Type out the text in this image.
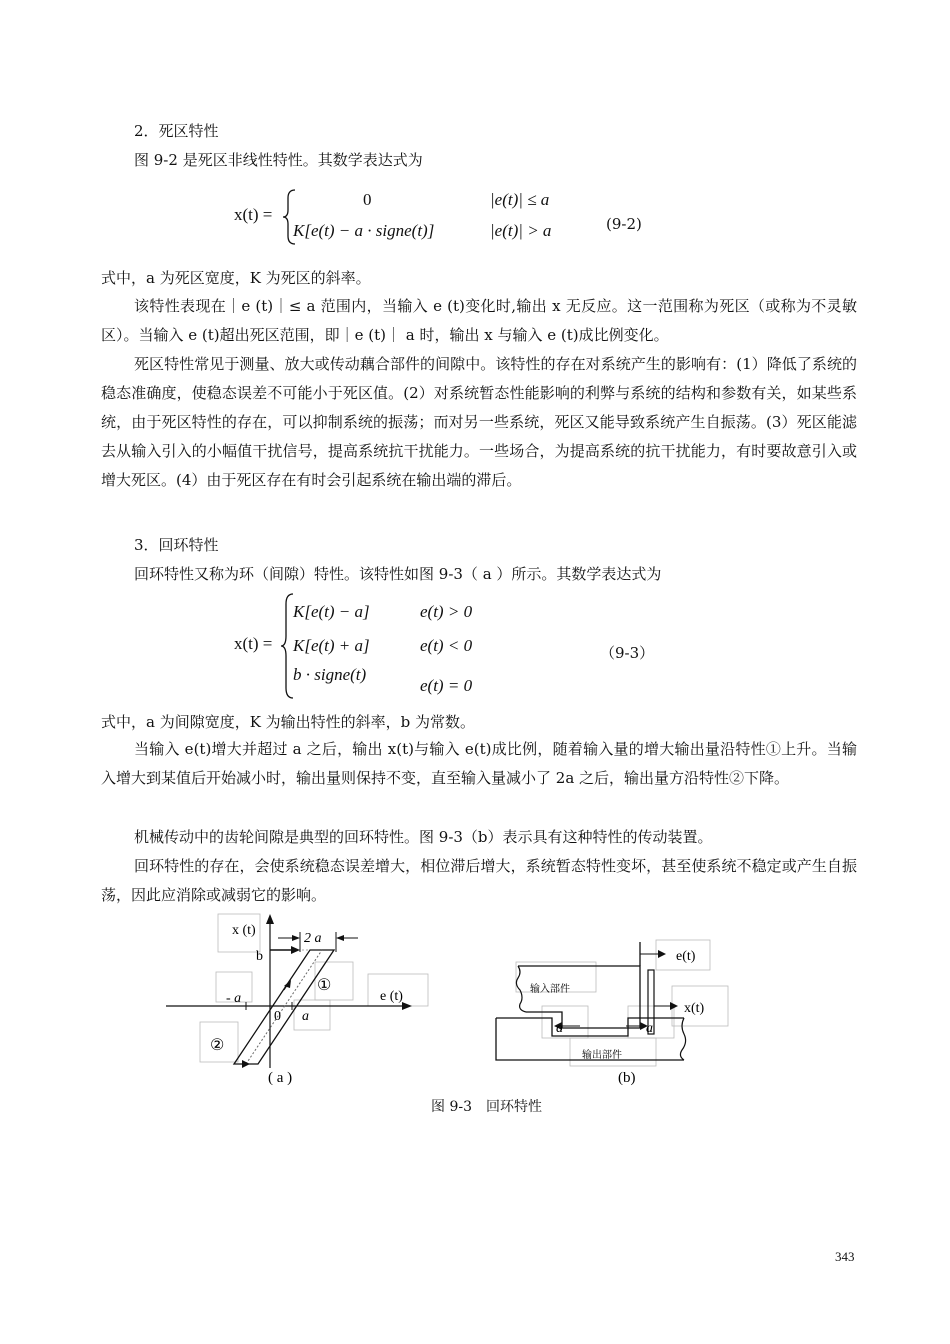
2．死区特性
图 9-2 是死区非线性特性。其数学表达式为
x(t) =
0
K[e(t) − a · signe(t)]
|e(t)| ≤ a
|e(t)| > a	(9-2)
式中，a 为死区宽度，K 为死区的斜率。
该特性表现在｜e (t)｜≤ a 范围内，当输入 e (t)变化时,输出 x 无反应。这一范围称为死区（或称为不灵敏区）。当输入 e (t)超出死区范围，即｜e (t)｜ a 时，输出 x 与输入 e (t)成比例变化。
死区特性常见于测量、放大或传动藕合部件的间隙中。该特性的存在对系统产生的影响有：(1）降低了系统的稳态准确度，使稳态误差不可能小于死区值。(2）对系统暂态性能影响的利弊与系统的结构和参数有关，如某些系统，由于死区特性的存在，可以抑制系统的振荡；而对另一些系统，死区又能导致系统产生自振荡。(3）死区能滤去从输入引入的小幅值干扰信号，提高系统抗干扰能力。一些场合，为提高系统的抗干扰能力，有时要故意引入或增大死区。(4）由于死区存在有时会引起系统在输出端的滞后。
3．回环特性
回环特性又称为环（间隙）特性。该特性如图 9-3（ a ）所示。其数学表达式为
x(t) =
K[e(t) − a]
K[e(t) + a]
b · signe(t)
e(t) > 0
e(t) < 0
e(t) = 0
（9-3）
式中，a 为间隙宽度，K 为输出特性的斜率，b 为常数。
当输入 e(t)增大并超过 a 之后，输出 x(t)与输入 e(t)成比例，随着输入量的增大输出量沿特性①上升。当输入增大到某值后开始减小时，输出量则保持不变，直至输入量减小了 2a 之后，输出量方沿特性②下降。
机械传动中的齿轮间隙是典型的回环特性。图 9-3（b）表示具有这种特性的传动装置。
回环特性的存在，会使系统稳态误差增大，相位滞后增大，系统暂态特性变坏，甚至使系统不稳定或产生自振荡，因此应消除或减弱它的影响。
x (t)
2 a
b
①
②
- a
0 a
e (t)
( a )
e(t)
输入部件
x(t)
a	a
输出部件
(b)
图 9-3　回环特性
343
